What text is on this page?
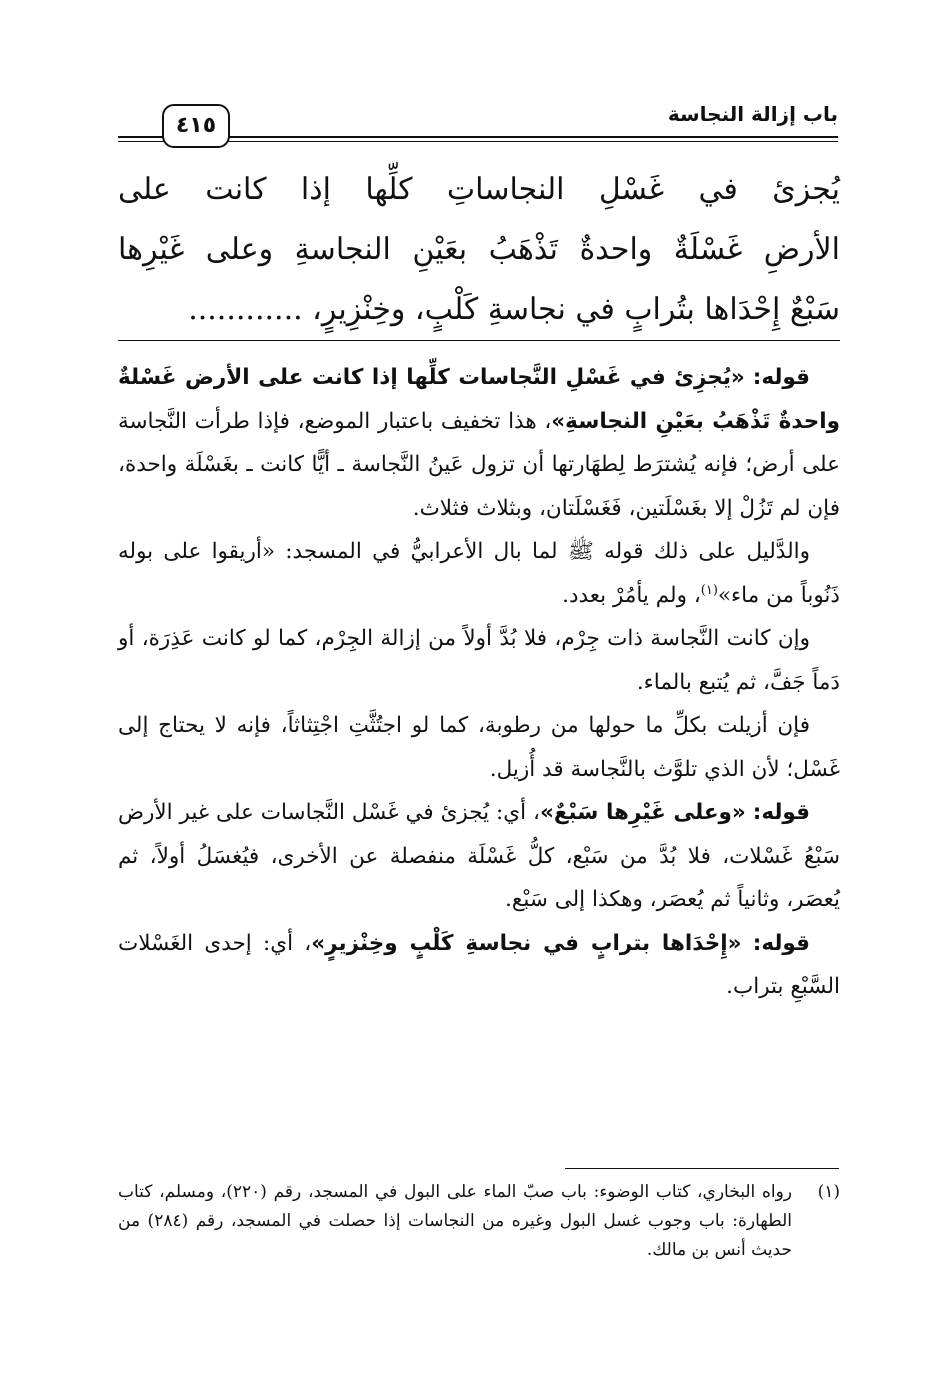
باب إزالة النجاسة
٤١٥
يُجزئ في غَسْلِ النجاساتِ كلِّها إذا كانت على
الأرضِ غَسْلَةٌ واحدةٌ تَذْهَبُ بعَيْنِ النجاسةِ وعلى غَيْرِها
سَبْعٌ إِحْدَاها بتُرابٍ في نجاسةِ كَلْبٍ، وخِنْزِيرٍ، ............

قوله: «يُجزِئ في غَسْلِ النَّجاسات كلِّها إذا كانت على الأرض غَسْلةٌ واحدةٌ تَذْهَبُ بعَيْنِ النجاسةِ»، هذا تخفيف باعتبار الموضع، فإذا طرأت النَّجاسة على أرض؛ فإنه يُشترَط لِطهَارتها أن تزول عَينُ النَّجاسة ـ أيًّا كانت ـ بغَسْلَة واحدة، فإن لم تَزُلْ إلا بغَسْلَتين، فَغَسْلَتان، وبثلاث فثلاث.

والدَّليل على ذلك قوله ﷺ لما بال الأعرابيُّ في المسجد: «أريقوا على بوله ذَنُوباً من ماء»$^{(١)}$، ولم يأمُرْ بعدد.

وإن كانت النَّجاسة ذات جِرْم، فلا بُدَّ أولاً من إزالة الجِرْم، كما لو كانت عَذِرَة، أو دَماً جَفَّ، ثم يُتبع بالماء.

فإن أزيلت بكلِّ ما حولها من رطوبة، كما لو اجتُثَّتِ اجْتِثاثاً، فإنه لا يحتاج إلى غَسْل؛ لأن الذي تلوَّث بالنَّجاسة قد أُزيل.

قوله: «وعلى غَيْرِها سَبْعٌ»، أي: يُجزئ في غَسْل النَّجاسات على غير الأرض سَبْعُ غَسْلات، فلا بُدَّ من سَبْع، كلُّ غَسْلَة منفصلة عن الأخرى، فيُغسَلُ أولاً، ثم يُعصَر، وثانياً ثم يُعصَر، وهكذا إلى سَبْع.

قوله: «إِحْدَاها بترابٍ في نجاسةِ كَلْبٍ وخِنْزيرٍ»، أي: إحدى الغَسْلات السَّبْعِ بتراب.

(١)
رواه البخاري، كتاب الوضوء: باب صبّ الماء على البول في المسجد، رقم (٢٢٠)، ومسلم، كتاب الطهارة: باب وجوب غسل البول وغيره من النجاسات إذا حصلت في المسجد، رقم (٢٨٤) من حديث أنس بن مالك.
